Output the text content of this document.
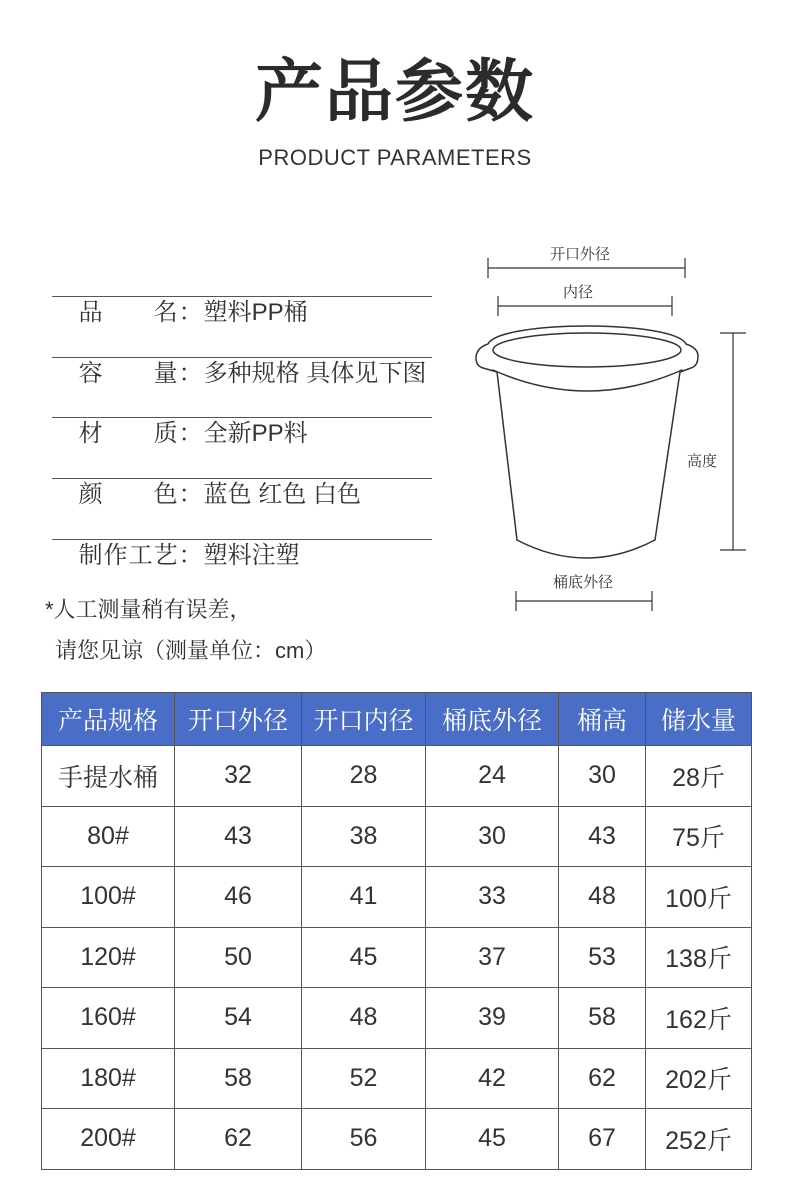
产品参数
PRODUCT PARAMETERS

品　　名：塑料PP桶

容　　量：多种规格 具体见下图

材　　质：全新PP料

颜　　色：蓝色 红色 白色

制作工艺：塑料注塑

*人工测量稍有误差，
请您见谅（测量单位：cm）
开口外径
内径
高度
桶底外径
产品规格	开口外径	开口内径	桶底外径	桶高	储水量
手提水桶	32	28	24	30	28斤
80#	43	38	30	43	75斤
100#	46	41	33	48	100斤
120#	50	45	37	53	138斤
160#	54	48	39	58	162斤
180#	58	52	42	62	202斤
200#	62	56	45	67	252斤
